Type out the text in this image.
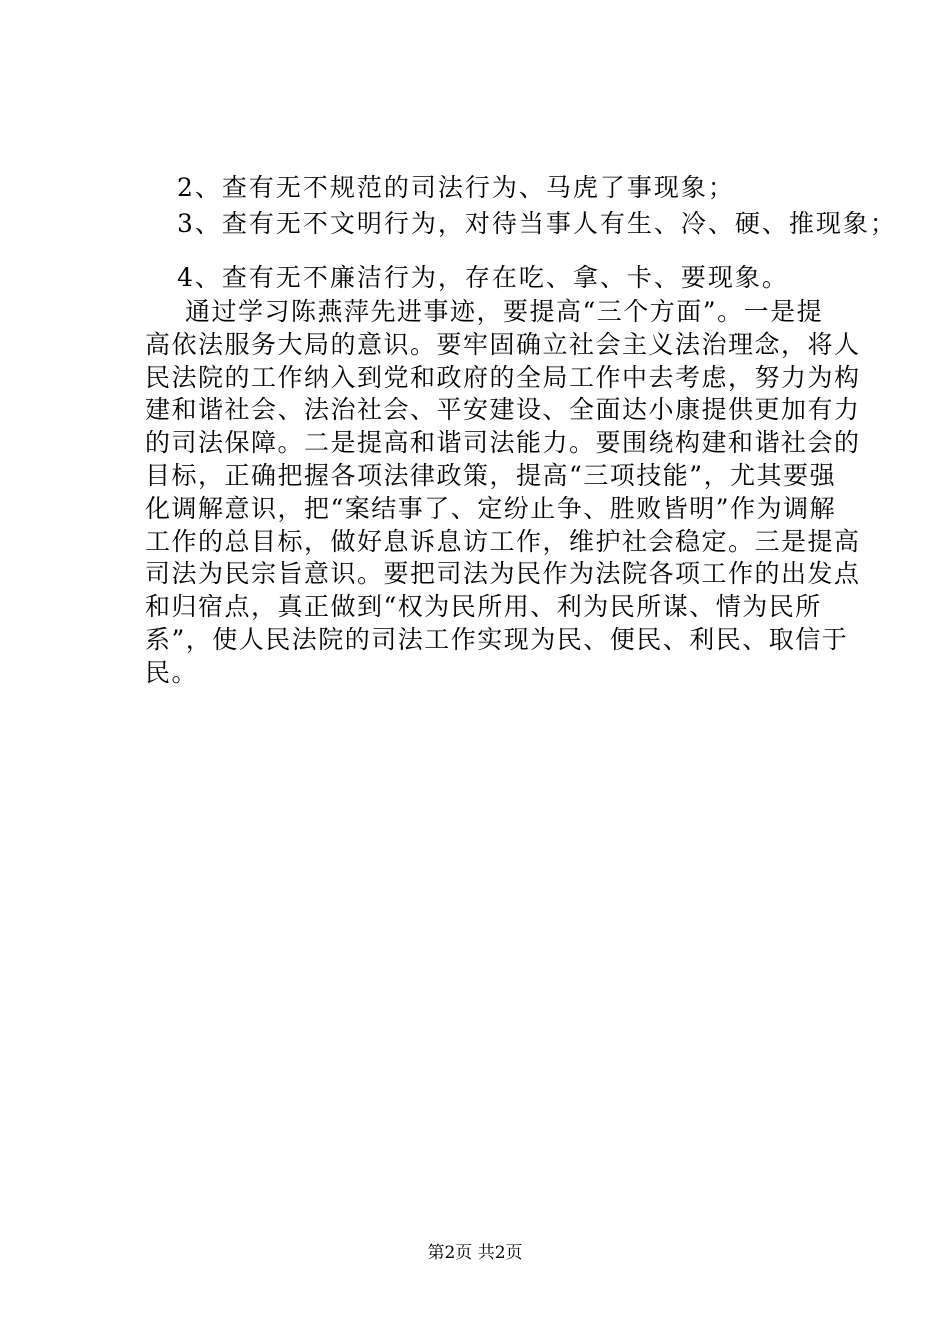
2、查有无不规范的司法行为、马虎了事现象；
3、查有无不文明行为，对待当事人有生、冷、硬、推现象；
4、查有无不廉洁行为，存在吃、拿、卡、要现象。
通过学习陈燕萍先进事迹，要提高“三个方面”。一是提
高依法服务大局的意识。要牢固确立社会主义法治理念，将人
民法院的工作纳入到党和政府的全局工作中去考虑，努力为构
建和谐社会、法治社会、平安建设、全面达小康提供更加有力
的司法保障。二是提高和谐司法能力。要围绕构建和谐社会的
目标，正确把握各项法律政策，提高“三项技能”，尤其要强
化调解意识，把“案结事了、定纷止争、胜败皆明”作为调解
工作的总目标，做好息诉息访工作，维护社会稳定。三是提高
司法为民宗旨意识。要把司法为民作为法院各项工作的出发点
和归宿点，真正做到“权为民所用、利为民所谋、情为民所
系”，使人民法院的司法工作实现为民、便民、利民、取信于
民。
第2页 共2页
